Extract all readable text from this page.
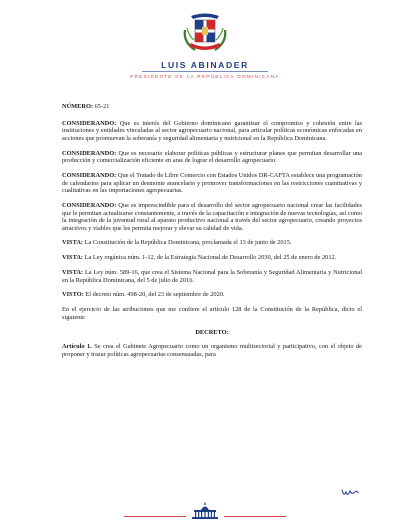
LUIS ABINADER
PRESIDENTE DE LA REPÚBLICA DOMINICANA

NÚMERO: 65-21

CONSIDERANDO: Que es interés del Gobierno dominicano garantizar el compromiso y cohesión entre las instituciones y entidades vinculadas al sector agropecuario nacional, para articular políticas económicas enfocadas en acciones que promuevan la soberanía y seguridad alimentaria y nutricional en la República Dominicana.

CONSIDERANDO: Que es necesario elaborar políticas públicas y estructurar planes que permitan desarrollar una producción y comercialización eficiente en aras de lograr el desarrollo agropecuario.

CONSIDERANDO: Que el Tratado de Libre Comercio con Estados Unidos DR-CAFTA establece una programación de calendarios para aplicar un desmonte arancelario y promover transformaciones en las restricciones cuantitativas y cualitativas en las importaciones agropecuarias.

CONSIDERANDO: Que es imprescindible para el desarrollo del sector agropecuario nacional crear las facilidades que le permitan actualizarse constantemente, a través de la capacitación e integración de nuevas tecnologías, así como la integración de la juventud rural al aparato productivo nacional a través del sector agropecuario, creando proyectos atractivos y viables que les permita mejorar y elevar su calidad de vida.

VISTA: La Constitución de la República Dominicana, proclamada el 13 de junio de 2015.

VISTA: La Ley orgánica núm. 1-12, de la Estrategia Nacional de Desarrollo 2030, del 25 de enero de 2012.

VISTA: La Ley núm. 589-16, que crea el Sistema Nacional para la Soberanía y Seguridad Alimentaria y Nutricional en la República Dominicana, del 5 de julio de 2016.

VISTO: El decreto núm. 498-20, del 23 de septiembre de 2020.

En el ejercicio de las atribuciones que me confiere el artículo 128 de la Constitución de la República, dicto el siguiente

DECRETO:

Artículo 1. Se crea el Gabinete Agropecuario como un organismo multisectorial y participativo, con el objeto de proponer y trazar políticas agropecuarias consensuadas, para
